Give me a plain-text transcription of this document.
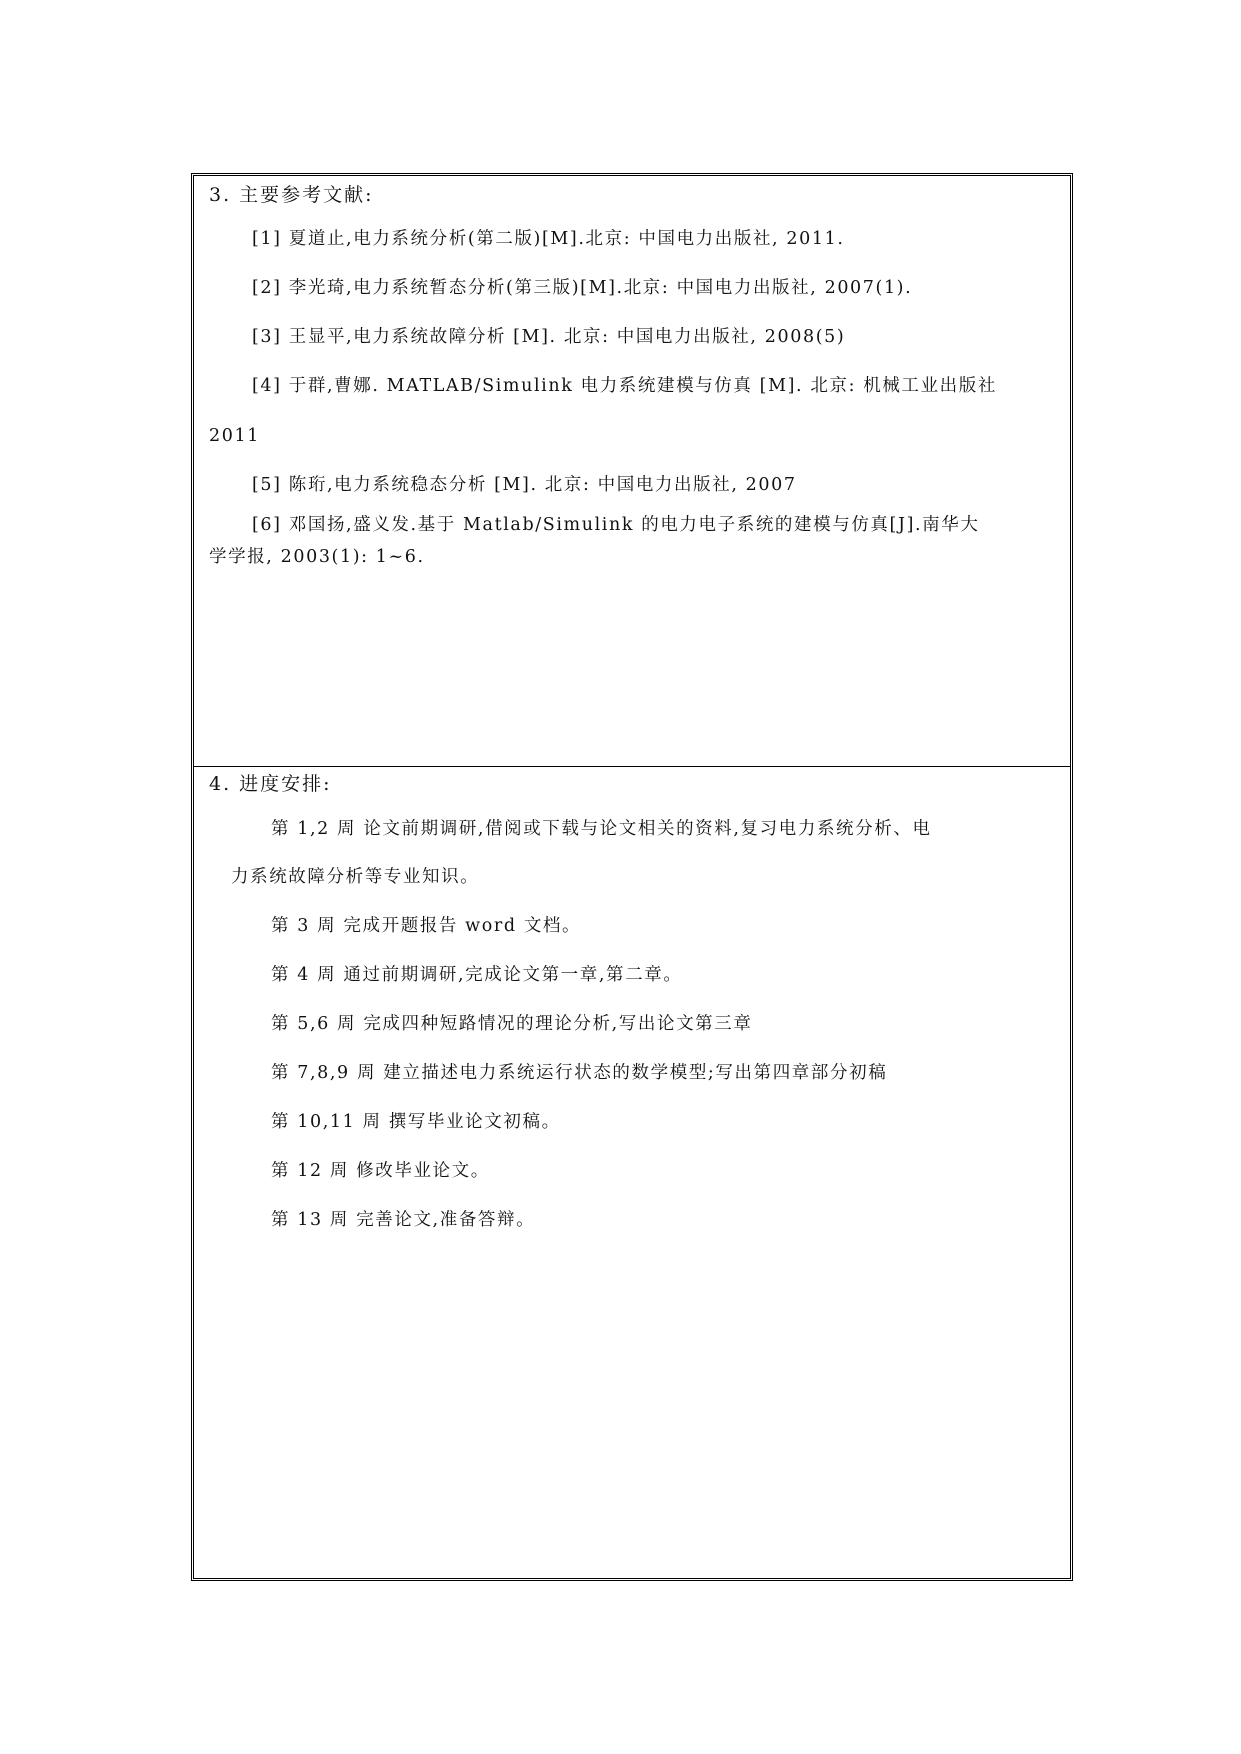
3. 主要参考文献:
[1] 夏道止,电力系统分析(第二版)[M].北京: 中国电力出版社, 2011.
[2] 李光琦,电力系统暂态分析(第三版)[M].北京: 中国电力出版社, 2007(1).
[3] 王显平,电力系统故障分析 [M]. 北京: 中国电力出版社, 2008(5)
[4] 于群,曹娜. MATLAB/Simulink 电力系统建模与仿真 [M]. 北京: 机械工业出版社
2011
[5] 陈珩,电力系统稳态分析 [M]. 北京: 中国电力出版社, 2007
[6] 邓国扬,盛义发.基于 Matlab/Simulink 的电力电子系统的建模与仿真[J].南华大
学学报, 2003(1): 1~6.
4. 进度安排:
第 1,2 周 论文前期调研,借阅或下载与论文相关的资料,复习电力系统分析、电
力系统故障分析等专业知识。
第 3 周 完成开题报告 word 文档。
第 4 周 通过前期调研,完成论文第一章,第二章。
第 5,6 周 完成四种短路情况的理论分析,写出论文第三章
第 7,8,9 周 建立描述电力系统运行状态的数学模型;写出第四章部分初稿
第 10,11 周 撰写毕业论文初稿。
第 12 周 修改毕业论文。
第 13 周 完善论文,准备答辩。
